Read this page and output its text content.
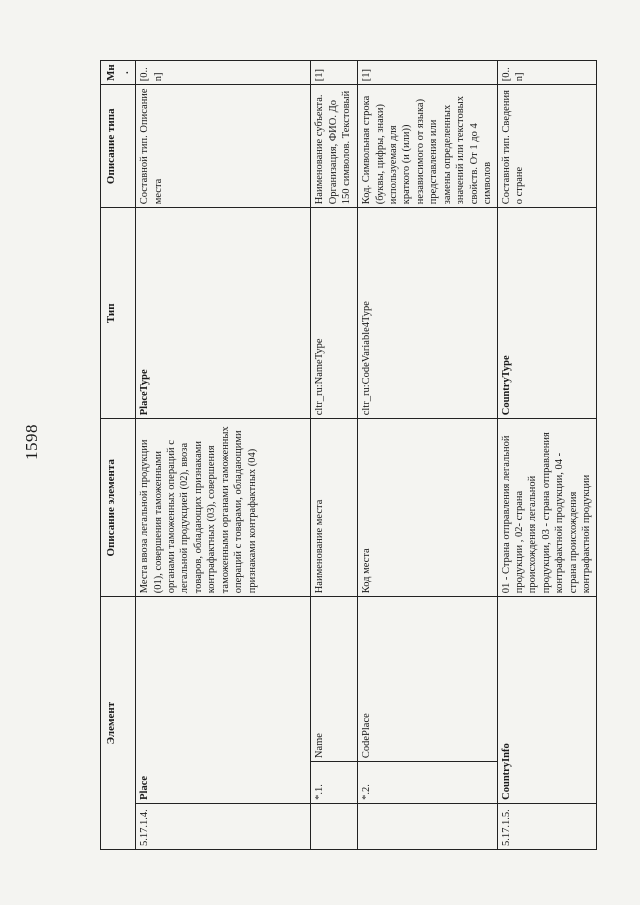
1598
Элемент			Описание элемента	Тип	Описание типа	Мн.
5.17.1.4.	Place		Места ввоза легальной продукции (01), совершения таможенными органами таможенных операций с легальной продукцией (02), ввоза товаров, обладающих признаками контрафактных (03), совершения таможенными органами таможенных операций с товарами, обладающими признаками контрафактных (04)	PlaceType	Составной тип. Описание места	[0..n]
	*.1.	Name	Наименование места	cltr_ru:NameType	Наименование субъекта. Организация, ФИО. До 150 символов. Текстовый	[1]
	*.2.	CodePlace	Код места	cltr_ru:CodeVariable4Type	Код. Символьная строка (буквы, цифры, знаки) используемая для краткого (и (или)) независимого от языка) представления или замены определенных значений или текстовых свойств. От 1 до 4 символов	[1]
5.17.1.5.	CountryInfo		01 - Страна отправления легальной продукции , 02- страна происхождения легальной продукции, 03 - страна отправления контрафактной продукции, 04 - страна происхождения контрафактной продукции	CountryType	Составной тип. Сведения о стране	[0..n]
